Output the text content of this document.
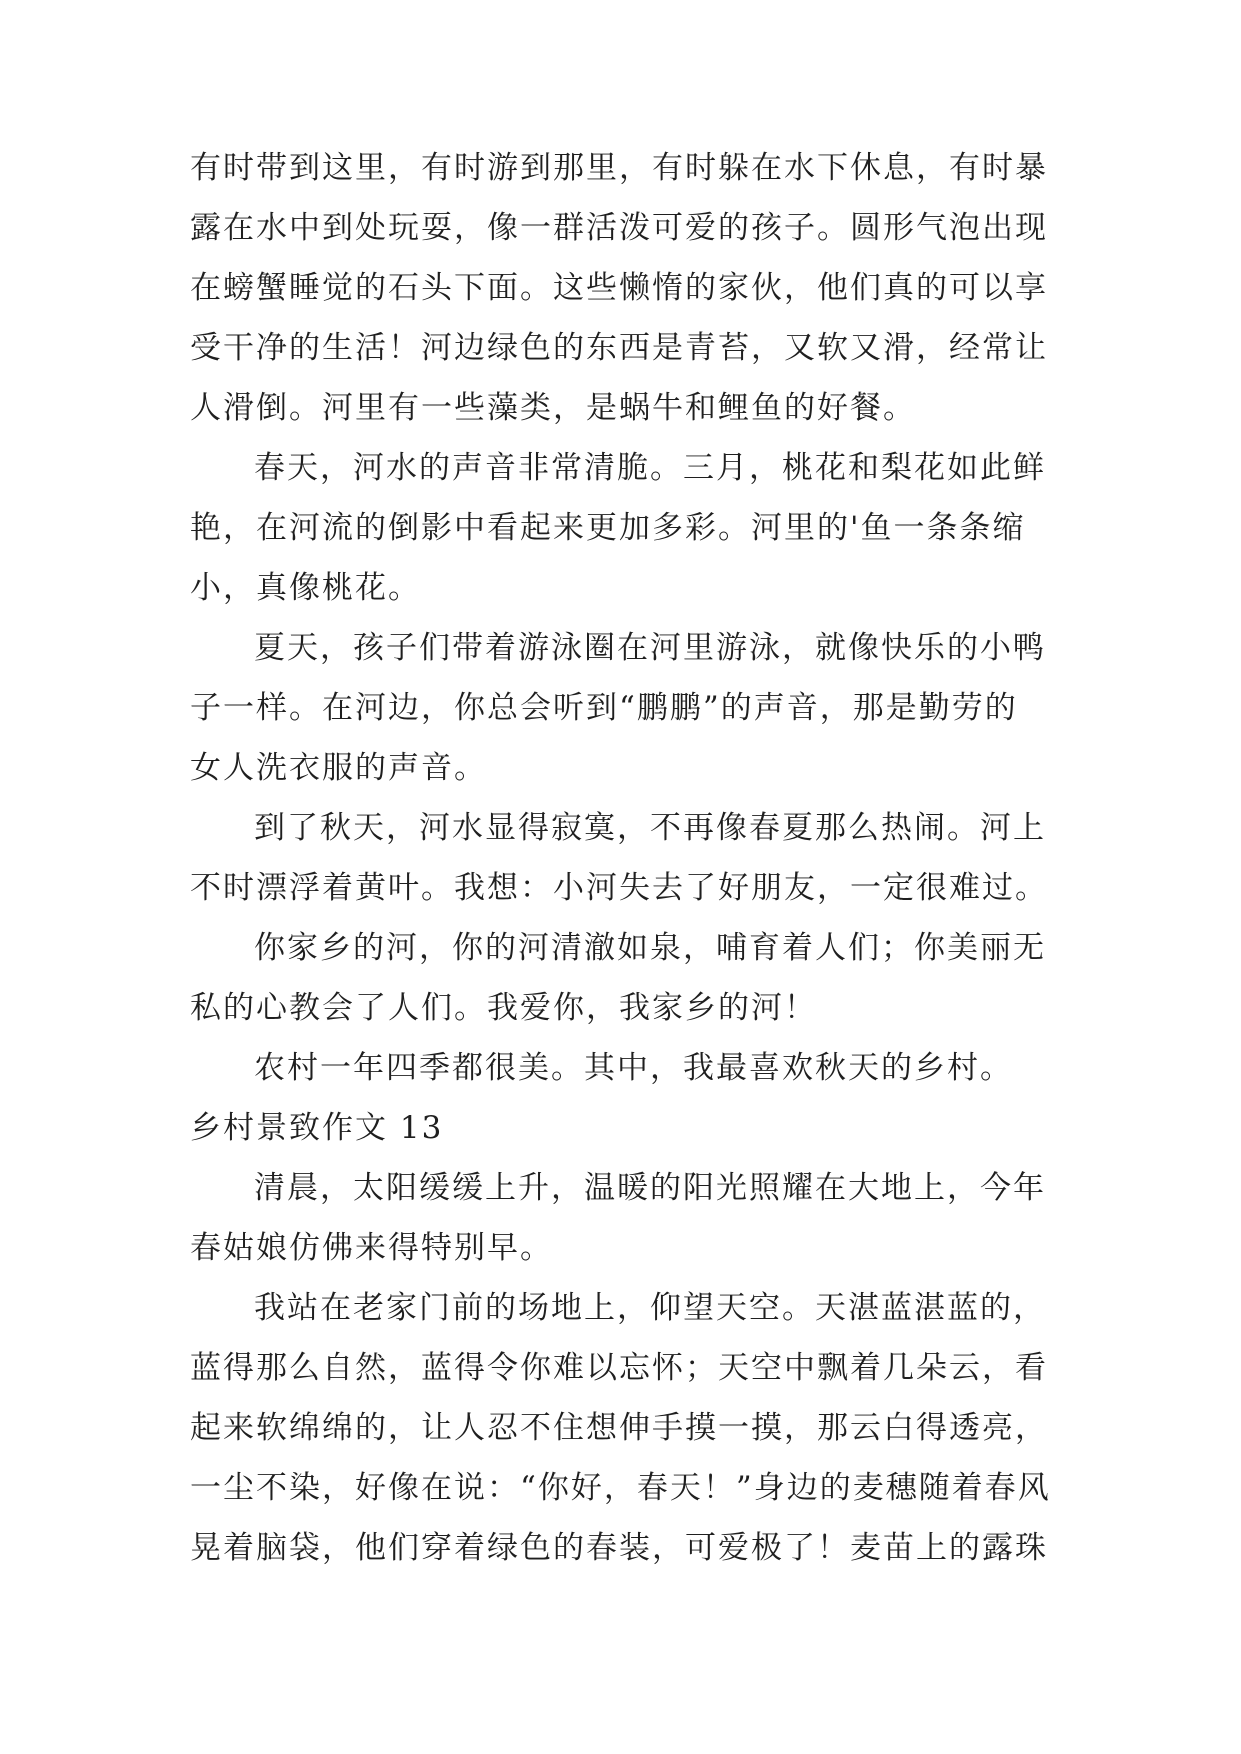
有时带到这里，有时游到那里，有时躲在水下休息，有时暴
露在水中到处玩耍，像一群活泼可爱的孩子。圆形气泡出现
在螃蟹睡觉的石头下面。这些懒惰的家伙，他们真的可以享
受干净的生活！河边绿色的东西是青苔，又软又滑，经常让
人滑倒。河里有一些藻类，是蜗牛和鲤鱼的好餐。
春天，河水的声音非常清脆。三月，桃花和梨花如此鲜
艳，在河流的倒影中看起来更加多彩。河里的'鱼一条条缩
小，真像桃花。
夏天，孩子们带着游泳圈在河里游泳，就像快乐的小鸭
子一样。在河边，你总会听到“鹏鹏”的声音，那是勤劳的
女人洗衣服的声音。
到了秋天，河水显得寂寞，不再像春夏那么热闹。河上
不时漂浮着黄叶。我想：小河失去了好朋友，一定很难过。
你家乡的河，你的河清澈如泉，哺育着人们；你美丽无
私的心教会了人们。我爱你，我家乡的河！
农村一年四季都很美。其中，我最喜欢秋天的乡村。
乡村景致作文 13
清晨，太阳缓缓上升，温暖的阳光照耀在大地上，今年
春姑娘仿佛来得特别早。
我站在老家门前的场地上，仰望天空。天湛蓝湛蓝的，
蓝得那么自然，蓝得令你难以忘怀；天空中飘着几朵云，看
起来软绵绵的，让人忍不住想伸手摸一摸，那云白得透亮，
一尘不染，好像在说：“你好，春天！”身边的麦穗随着春风
晃着脑袋，他们穿着绿色的春装，可爱极了！麦苗上的露珠
